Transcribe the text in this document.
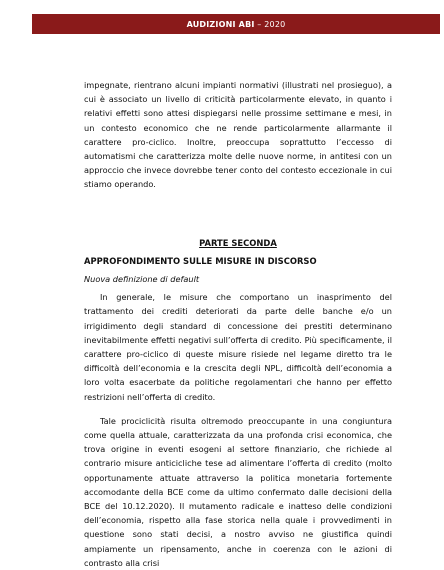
AUDIZIONI ABI – 2020

impegnate, rientrano alcuni impianti normativi (illustrati nel prosieguo), a cui è associato un livello di criticità particolarmente elevato, in quanto i relativi effetti sono attesi dispiegarsi nelle prossime settimane e mesi, in un contesto economico che ne rende particolarmente allarmante il carattere pro-ciclico. Inoltre, preoccupa soprattutto l’eccesso di automatismi che caratterizza molte delle nuove norme, in antitesi con un approccio che invece dovrebbe tener conto del contesto eccezionale in cui stiamo operando.

PARTE SECONDA

APPROFONDIMENTO SULLE MISURE IN DISCORSO

Nuova definizione di default

In generale, le misure che comportano un inasprimento del trattamento dei crediti deteriorati da parte delle banche e/o un irrigidimento degli standard di concessione dei prestiti determinano inevitabilmente effetti negativi sull’offerta di credito. Più specificamente, il carattere pro-ciclico di queste misure risiede nel legame diretto tra le difficoltà dell’economia e la crescita degli NPL, difficoltà dell’economia a loro volta esacerbate da politiche regolamentari che hanno per effetto restrizioni nell’offerta di credito.

Tale prociclicità risulta oltremodo preoccupante in una congiuntura come quella attuale, caratterizzata da una profonda crisi economica, che trova origine in eventi esogeni al settore finanziario, che richiede al contrario misure anticicliche tese ad alimentare l’offerta di credito (molto opportunamente attuate attraverso la politica monetaria fortemente accomodante della BCE come da ultimo confermato dalle decisioni della BCE del 10.12.2020). Il mutamento radicale e inatteso delle condizioni dell’economia, rispetto alla fase storica nella quale i provvedimenti in questione sono stati decisi, a nostro avviso ne giustifica quindi ampiamente un ripensamento, anche in coerenza con le azioni di contrasto alla crisi
